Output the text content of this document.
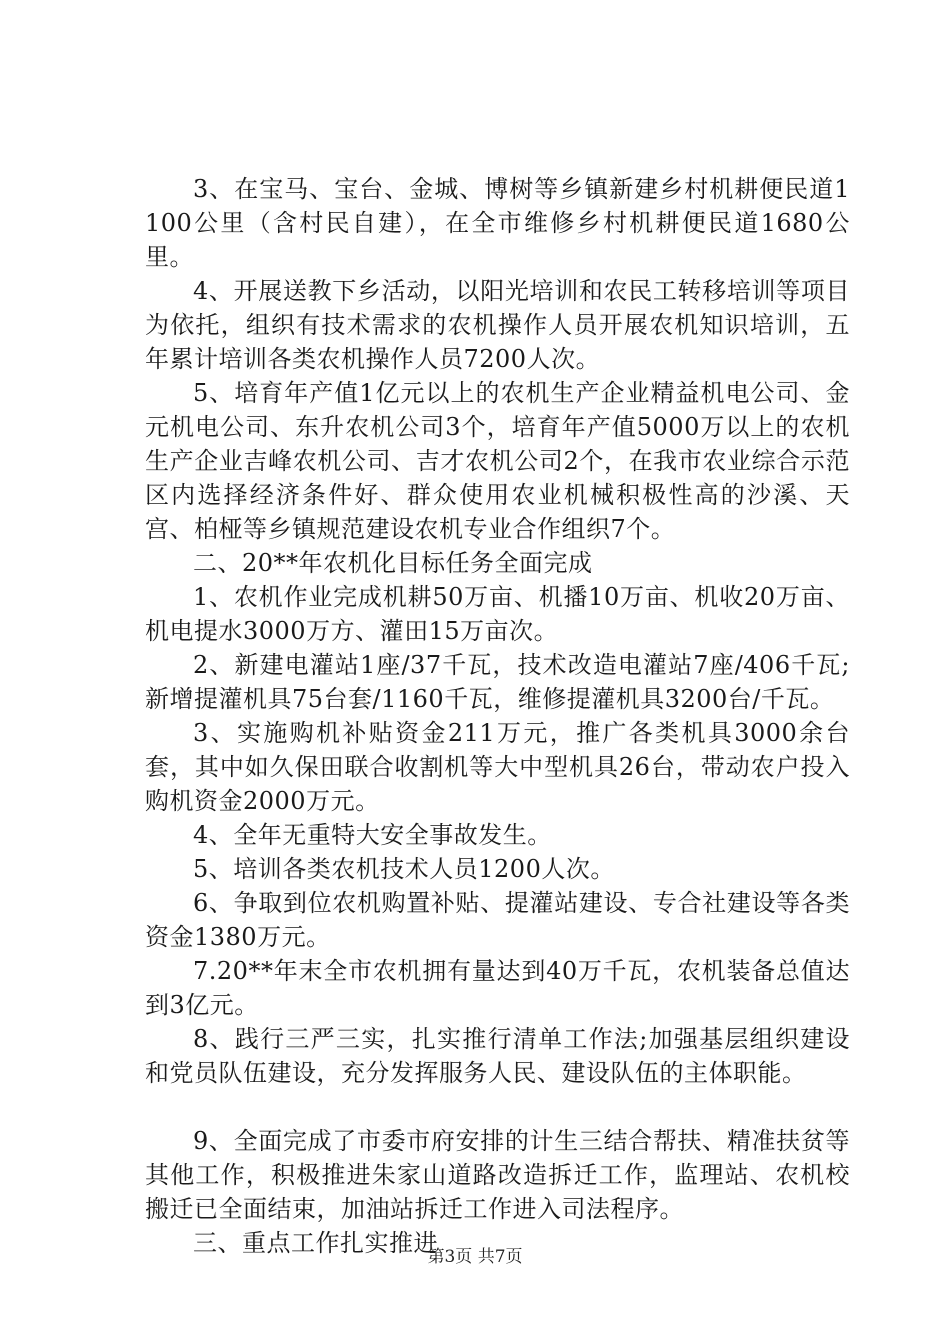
3、在宝马、宝台、金城、博树等乡镇新建乡村机耕便民道1100公里（含村民自建），在全市维修乡村机耕便民道1680公里。

4、开展送教下乡活动，以阳光培训和农民工转移培训等项目为依托，组织有技术需求的农机操作人员开展农机知识培训，五年累计培训各类农机操作人员7200人次。

5、培育年产值1亿元以上的农机生产企业精益机电公司、金元机电公司、东升农机公司3个，培育年产值5000万以上的农机生产企业吉峰农机公司、吉才农机公司2个，在我市农业综合示范区内选择经济条件好、群众使用农业机械积极性高的沙溪、天宫、柏桠等乡镇规范建设农机专业合作组织7个。

二、20**年农机化目标任务全面完成

1、农机作业完成机耕50万亩、机播10万亩、机收20万亩、机电提水3000万方、灌田15万亩次。

2、新建电灌站1座/37千瓦，技术改造电灌站7座/406千瓦;新增提灌机具75台套/1160千瓦，维修提灌机具3200台/千瓦。

3、实施购机补贴资金211万元，推广各类机具3000余台套，其中如久保田联合收割机等大中型机具26台，带动农户投入购机资金2000万元。

4、全年无重特大安全事故发生。

5、培训各类农机技术人员1200人次。

6、争取到位农机购置补贴、提灌站建设、专合社建设等各类资金1380万元。

7.20**年末全市农机拥有量达到40万千瓦，农机装备总值达到3亿元。

8、践行三严三实，扎实推行清单工作法;加强基层组织建设和党员队伍建设，充分发挥服务人民、建设队伍的主体职能。

9、全面完成了市委市府安排的计生三结合帮扶、精准扶贫等其他工作，积极推进朱家山道路改造拆迁工作，监理站、农机校搬迁已全面结束，加油站拆迁工作进入司法程序。

三、重点工作扎实推进

第3页 共7页
